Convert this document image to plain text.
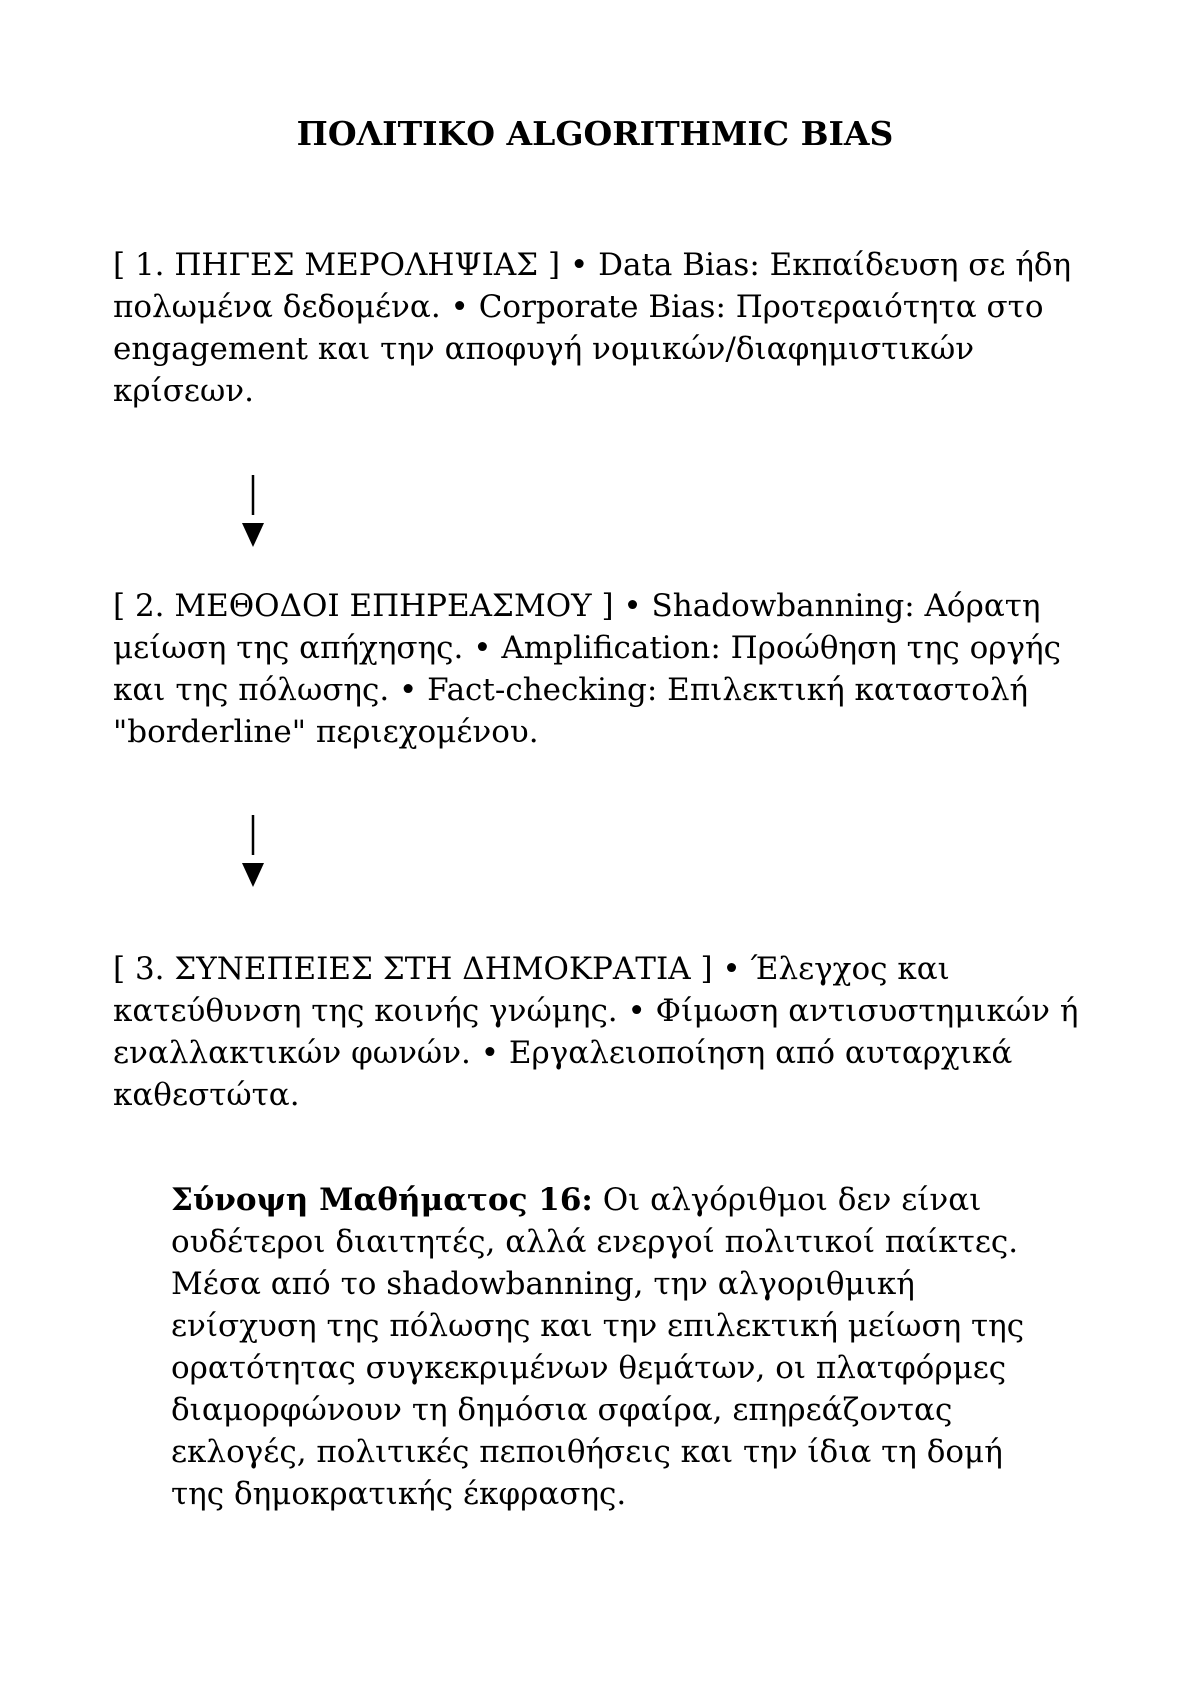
ΠΟΛΙΤΙΚΟ ALGORITHMIC BIAS

[ 1. ΠΗΓΕΣ ΜΕΡΟΛΗΨΙΑΣ ] • Data Bias: Εκπαίδευση σε ήδη πολωμένα δεδομένα. • Corporate Bias: Προτεραιότητα στο engagement και την αποφυγή νομικών/διαφημιστικών κρίσεων.

[ 2. ΜΕΘΟΔΟΙ ΕΠΗΡΕΑΣΜΟΥ ] • Shadowbanning: Αόρατη μείωση της απήχησης. • Amplification: Προώθηση της οργής και της πόλωσης. • Fact-checking: Επιλεκτική καταστολή "borderline" περιεχομένου.

[ 3. ΣΥΝΕΠΕΙΕΣ ΣΤΗ ΔΗΜΟΚΡΑΤΙΑ ] • Έλεγχος και κατεύθυνση της κοινής γνώμης. • Φίμωση αντισυστημικών ή εναλλακτικών φωνών. • Εργαλειοποίηση από αυταρχικά καθεστώτα.

Σύνοψη Μαθήματος 16: Οι αλγόριθμοι δεν είναι ουδέτεροι διαιτητές, αλλά ενεργοί πολιτικοί παίκτες. Μέσα από το shadowbanning, την αλγοριθμική ενίσχυση της πόλωσης και την επιλεκτική μείωση της ορατότητας συγκεκριμένων θεμάτων, οι πλατφόρμες διαμορφώνουν τη δημόσια σφαίρα, επηρεάζοντας εκλογές, πολιτικές πεποιθήσεις και την ίδια τη δομή της δημοκρατικής έκφρασης.
